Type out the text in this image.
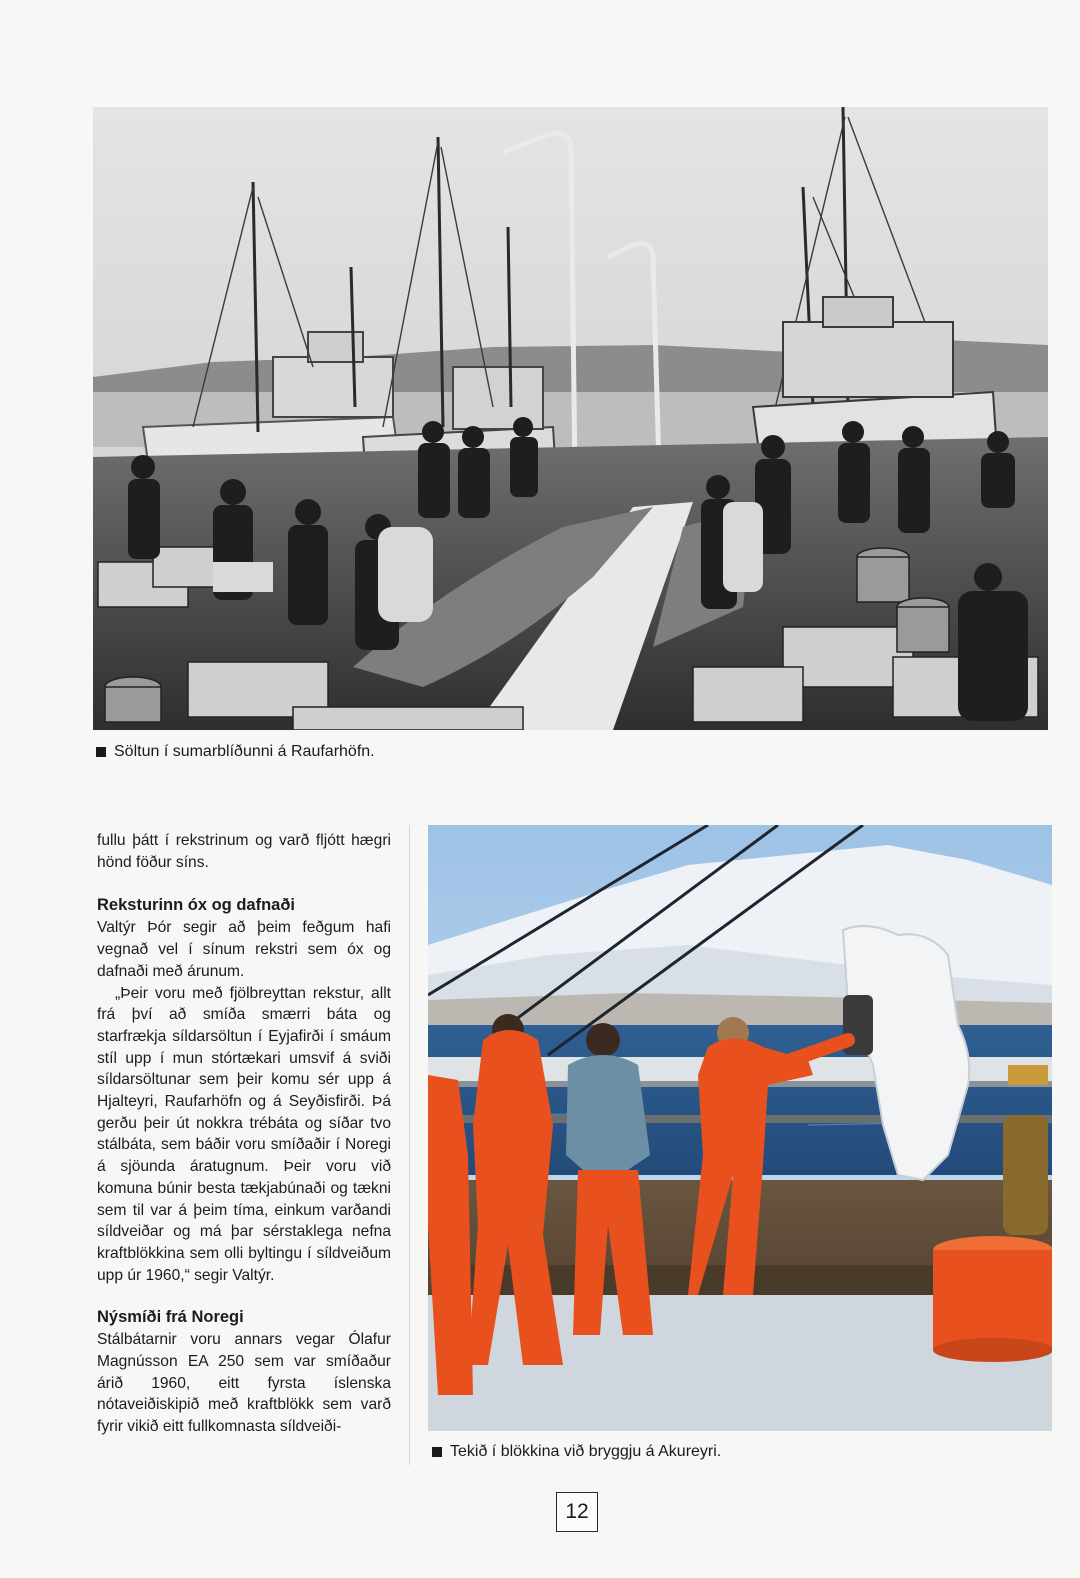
Söltun í sumarblíðunni á Raufarhöfn.

fullu þátt í rekstrinum og varð fljótt hægri hönd föður síns.

Reksturinn óx og dafnaði

Valtýr Þór segir að þeim feðgum hafi vegnað vel í sínum rekstri sem óx og dafnaði með árunum.

„Þeir voru með fjölbreyttan rekstur, allt frá því að smíða smærri báta og starfrækja síldarsöltun í Eyjafirði í smáum stíl upp í mun stórtækari umsvif á sviði síldarsöltunar sem þeir komu sér upp á Hjalteyri, Raufarhöfn og á Seyðisfirði. Þá gerðu þeir út nokkra trébáta og síðar tvo stálbáta, sem báðir voru smíðaðir í Noregi á sjöunda áratugnum. Þeir voru við komuna búnir besta tækjabúnaði og tækni sem til var á þeim tíma, einkum varðandi síldveiðar og má þar sérstaklega nefna kraftblökkina sem olli byltingu í síldveiðum upp úr 1960,“ segir Valtýr.

Nýsmíði frá Noregi

Stálbátarnir voru annars vegar Ólafur Magnússon EA 250 sem var smíðaður árið 1960, eitt fyrsta íslenska nótaveiðiskipið með kraftblökk sem varð fyrir vikið eitt fullkomnasta síldveiði-

Tekið í blökkina við bryggju á Akureyri.
12
